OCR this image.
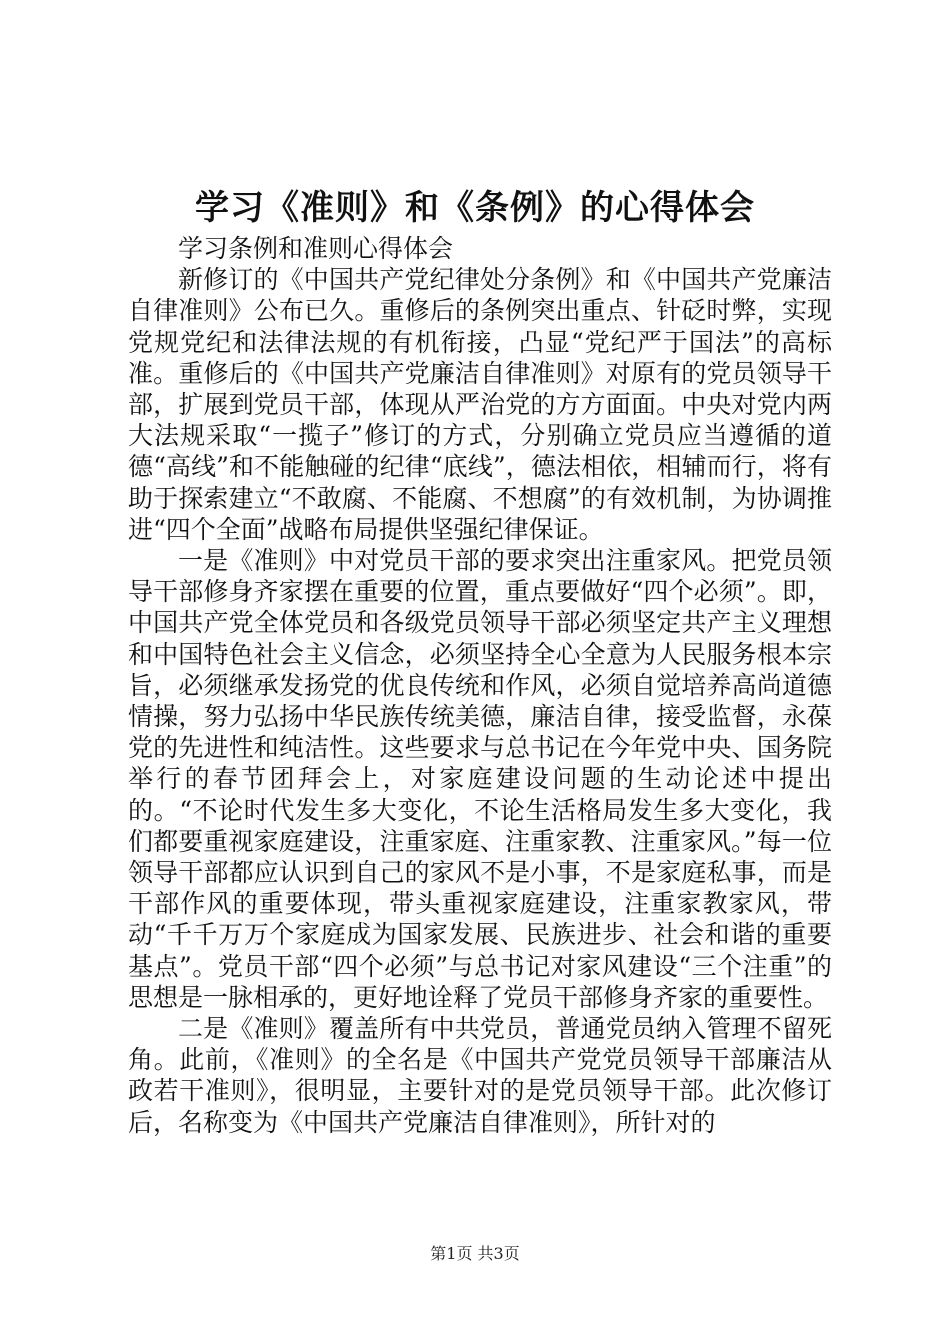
学习《准则》和《条例》的心得体会

学习条例和准则心得体会

新修订的《中国共产党纪律处分条例》和《中国共产党廉洁自律准则》公布已久。重修后的条例突出重点、针砭时弊，实现党规党纪和法律法规的有机衔接，凸显“党纪严于国法”的高标准。重修后的《中国共产党廉洁自律准则》对原有的党员领导干部，扩展到党员干部，体现从严治党的方方面面。中央对党内两大法规采取“一揽子”修订的方式，分别确立党员应当遵循的道德“高线”和不能触碰的纪律“底线”，德法相依，相辅而行，将有助于探索建立“不敢腐、不能腐、不想腐”的有效机制，为协调推进“四个全面”战略布局提供坚强纪律保证。

一是《准则》中对党员干部的要求突出注重家风。把党员领导干部修身齐家摆在重要的位置，重点要做好“四个必须”。即，中国共产党全体党员和各级党员领导干部必须坚定共产主义理想和中国特色社会主义信念，必须坚持全心全意为人民服务根本宗旨，必须继承发扬党的优良传统和作风，必须自觉培养高尚道德情操，努力弘扬中华民族传统美德，廉洁自律，接受监督，永葆党的先进性和纯洁性。这些要求与总书记在今年党中央、国务院举行的春节团拜会上，对家庭建设问题的生动论述中提出的。“不论时代发生多大变化，不论生活格局发生多大变化，我们都要重视家庭建设，注重家庭、注重家教、注重家风。”每一位领导干部都应认识到自己的家风不是小事，不是家庭私事，而是干部作风的重要体现，带头重视家庭建设，注重家教家风，带动“千千万万个家庭成为国家发展、民族进步、社会和谐的重要基点”。党员干部“四个必须”与总书记对家风建设“三个注重”的思想是一脉相承的，更好地诠释了党员干部修身齐家的重要性。

二是《准则》覆盖所有中共党员，普通党员纳入管理不留死角。此前，《准则》的全名是《中国共产党党员领导干部廉洁从政若干准则》，很明显，主要针对的是党员领导干部。此次修订后，名称变为《中国共产党廉洁自律准则》，所针对的

第1页 共3页
